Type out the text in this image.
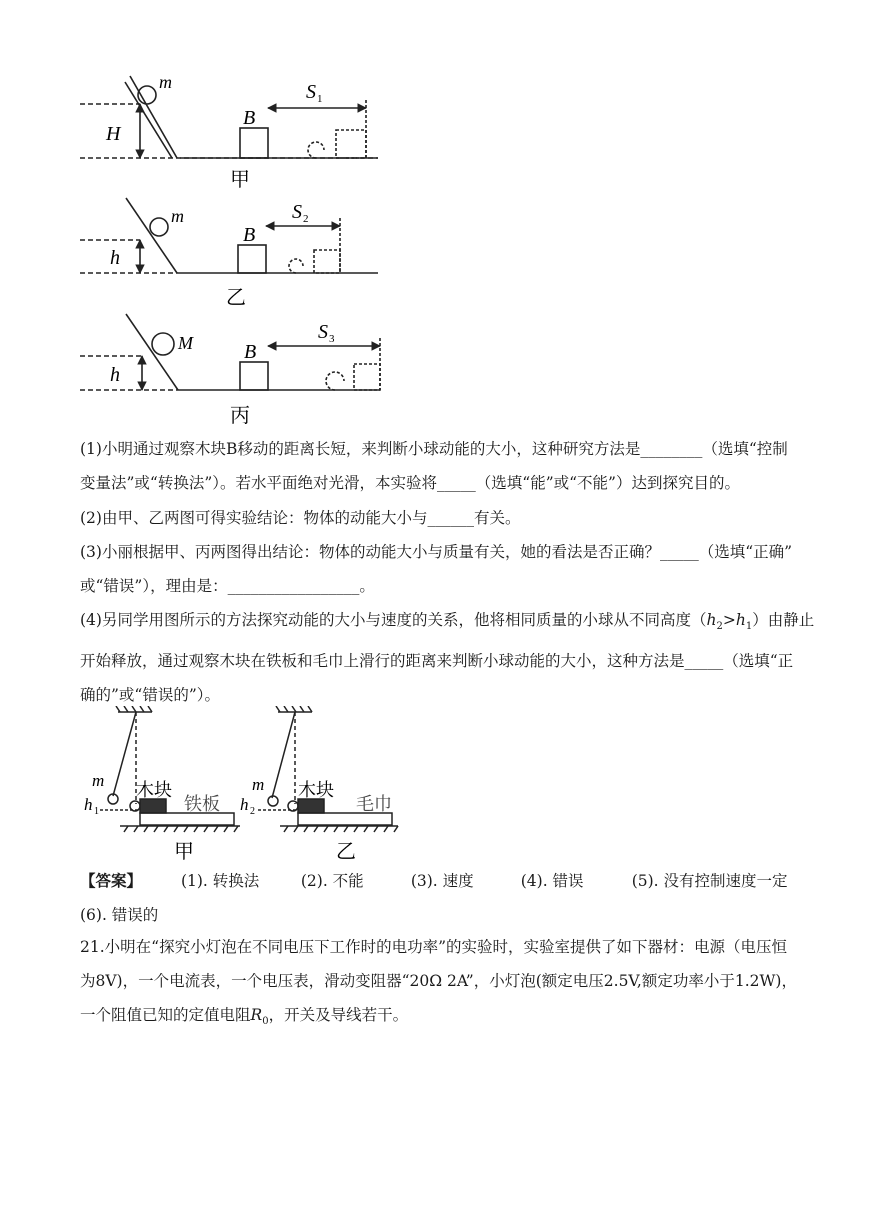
H
m
B
S 1
甲
h
m
B
S 2
乙
h
M	B
S 3
丙
(1)小明通过观察木块B移动的距离长短，来判断小球动能的大小，这种研究方法是________（选填“控制
变量法”或“转换法”）。若水平面绝对光滑，本实验将_____（选填“能”或“不能”）达到探究目的。
(2)由甲、乙两图可得实验结论：物体的动能大小与______有关。
(3)小丽根据甲、丙两图得出结论：物体的动能大小与质量有关，她的看法是否正确？_____（选填“正确”
或“错误”），理由是：_________________。
(4)另同学用图所示的方法探究动能的大小与速度的关系，他将相同质量的小球从不同高度$(h_2>h_1)$由静止
开始释放，通过观察木块在铁板和毛巾上滑行的距离来判断小球动能的大小，这种方法是_____（选填“正
确的”或“错误的”）。
m
h 1
木块
铁板
甲
m
h 2
木块
毛巾
乙
【答案】	(1). 转换法	(2). 不能	(3). 速度	(4). 错误	(5). 没有控制速度一定
(6). 错误的
21.小明在“探究小灯泡在不同电压下工作时的电功率”的实验时，实验室提供了如下器材：电源（电压恒
为8V)，一个电流表，一个电压表，滑动变阻器“20Ω 2A”，小灯泡(额定电压2.5V,额定功率小于1.2W)，
一个阻值已知的定值电阻$R_0$，开关及导线若干。
